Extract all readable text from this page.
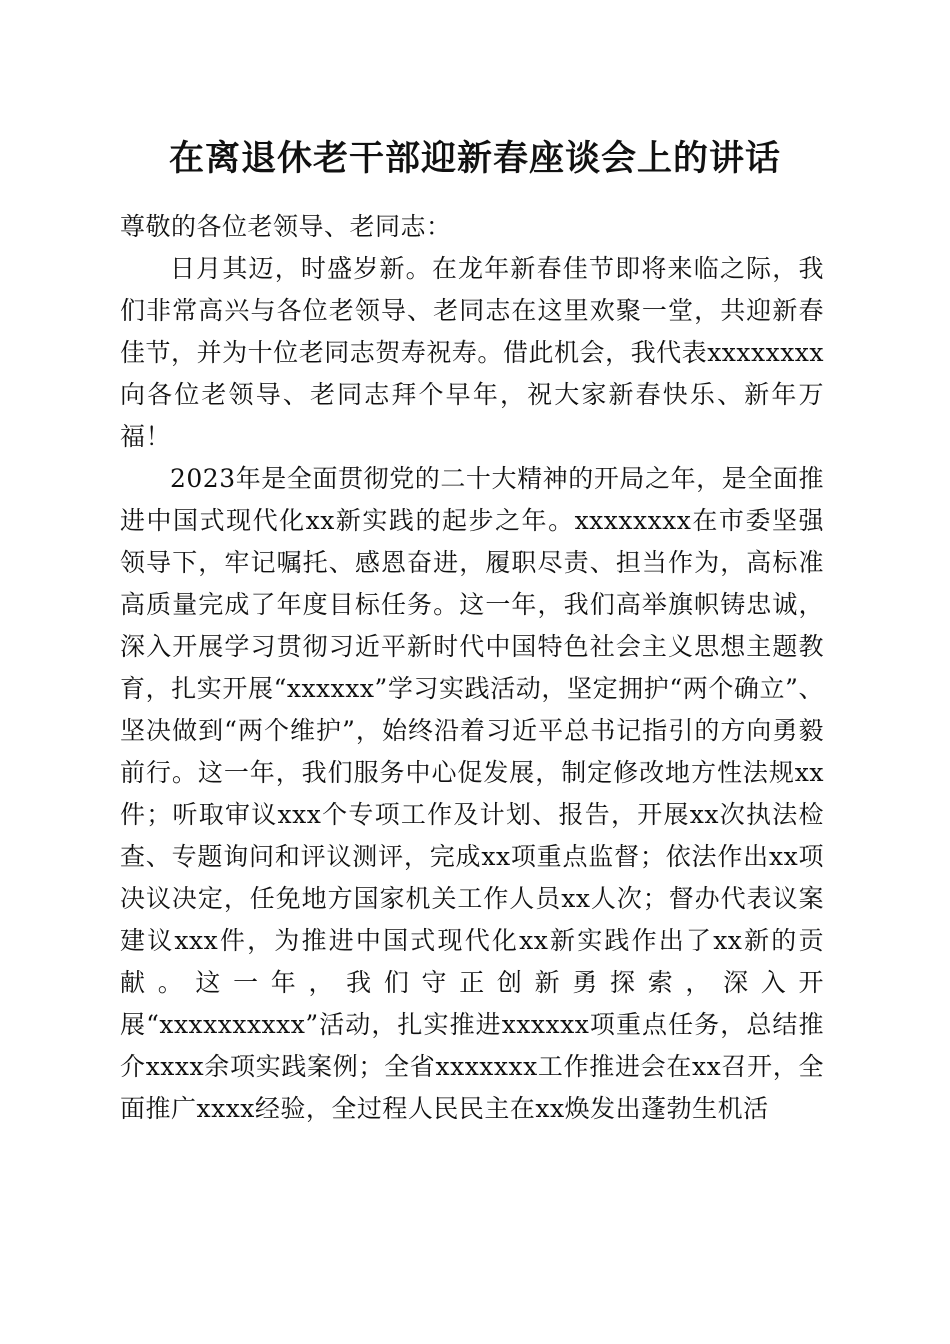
在离退休老干部迎新春座谈会上的讲话

尊敬的各位老领导、老同志：

日月其迈，时盛岁新。在龙年新春佳节即将来临之际，我们非常高兴与各位老领导、老同志在这里欢聚一堂，共迎新春佳节，并为十位老同志贺寿祝寿。借此机会，我代表xxxxxxxx向各位老领导、老同志拜个早年，祝大家新春快乐、新年万福！

2023年是全面贯彻党的二十大精神的开局之年，是全面推进中国式现代化xx新实践的起步之年。xxxxxxxx在市委坚强领导下，牢记嘱托、感恩奋进，履职尽责、担当作为，高标准高质量完成了年度目标任务。这一年，我们高举旗帜铸忠诚，深入开展学习贯彻习近平新时代中国特色社会主义思想主题教育，扎实开展“xxxxxx”学习实践活动，坚定拥护“两个确立”、坚决做到“两个维护”，始终沿着习近平总书记指引的方向勇毅前行。这一年，我们服务中心促发展，制定修改地方性法规xx件；听取审议xxx个专项工作及计划、报告，开展xx次执法检查、专题询问和评议测评，完成xx项重点监督；依法作出xx项决议决定，任免地方国家机关工作人员xx人次；督办代表议案建议xxx件，为推进中国式现代化xx新实践作出了xx新的贡献。这一年，我们守正创新勇探索，深入开展“xxxxxxxxxx”活动，扎实推进xxxxxx项重点任务，总结推介xxxx余项实践案例；全省xxxxxxx工作推进会在xx召开，全面推广xxxx经验，全过程人民民主在xx焕发出蓬勃生机活
